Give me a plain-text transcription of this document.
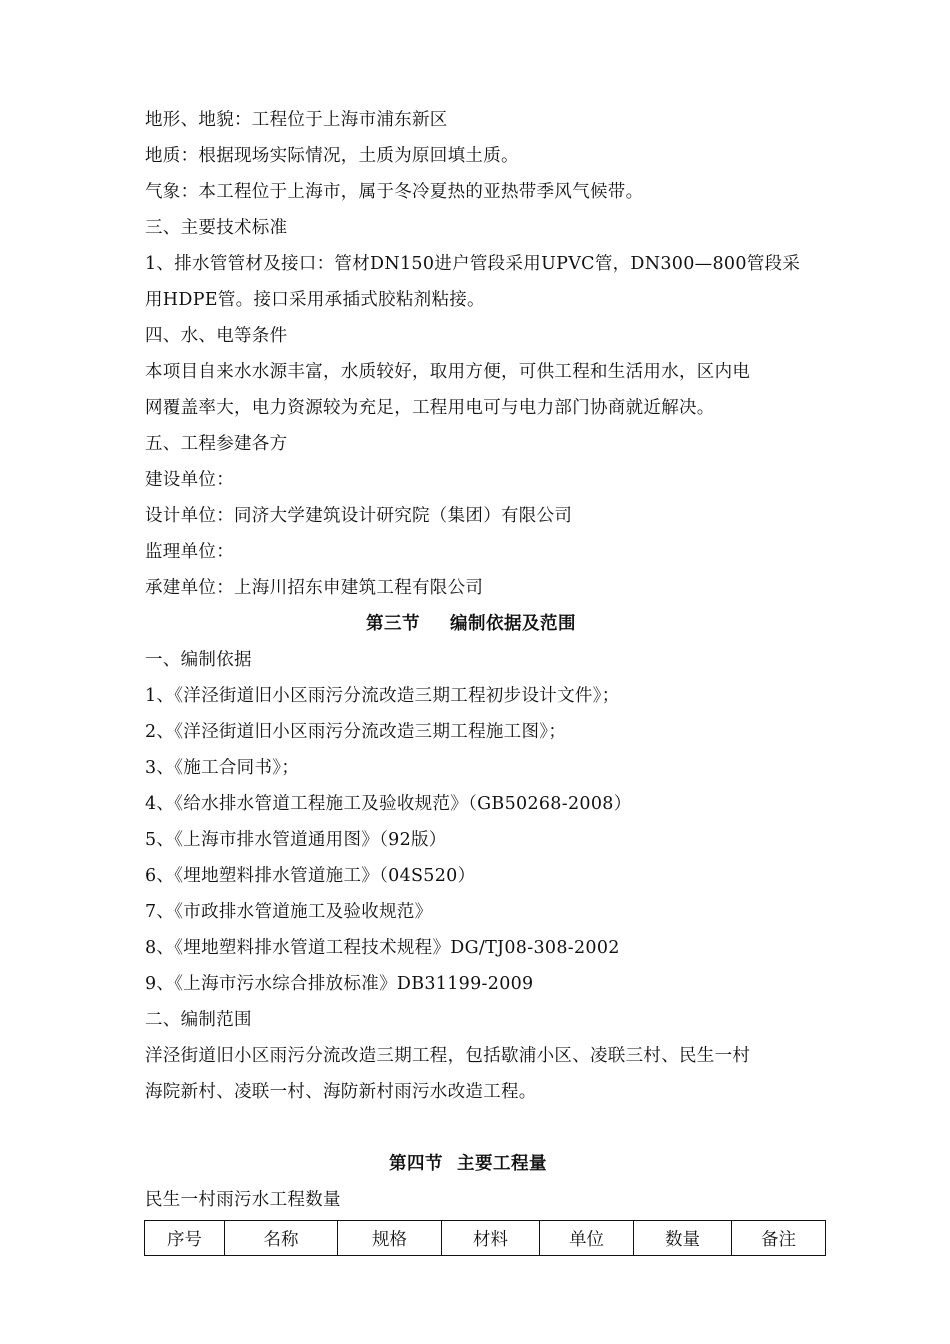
地形、地貌：工程位于上海市浦东新区
地质：根据现场实际情况，土质为原回填土质。
气象：本工程位于上海市，属于冬冷夏热的亚热带季风气候带。
三、主要技术标准
1、排水管管材及接口：管材DN150进户管段采用UPVC管，DN300—800管段采
用HDPE管。接口采用承插式胶粘剂粘接。
四、水、电等条件
本项目自来水水源丰富，水质较好，取用方便，可供工程和生活用水，区内电
网覆盖率大，电力资源较为充足，工程用电可与电力部门协商就近解决。
五、工程参建各方
建设单位：
设计单位：同济大学建筑设计研究院（集团）有限公司
监理单位：
承建单位：上海川招东申建筑工程有限公司
第三节 编制依据及范围
一、编制依据
1、《洋泾街道旧小区雨污分流改造三期工程初步设计文件》；
2、《洋泾街道旧小区雨污分流改造三期工程施工图》；
3、《施工合同书》；
4、《给水排水管道工程施工及验收规范》（GB50268-2008）
5、《上海市排水管道通用图》（92版）
6、《埋地塑料排水管道施工》（04S520）
7、《市政排水管道施工及验收规范》
8、《埋地塑料排水管道工程技术规程》DG/TJ08-308-2002
9、《上海市污水综合排放标准》DB31199-2009
二、编制范围
洋泾街道旧小区雨污分流改造三期工程，包括歇浦小区、凌联三村、民生一村
海院新村、凌联一村、海防新村雨污水改造工程。
第四节 主要工程量
民生一村雨污水工程数量
序号	名称	规格	材料	单位	数量	备注
